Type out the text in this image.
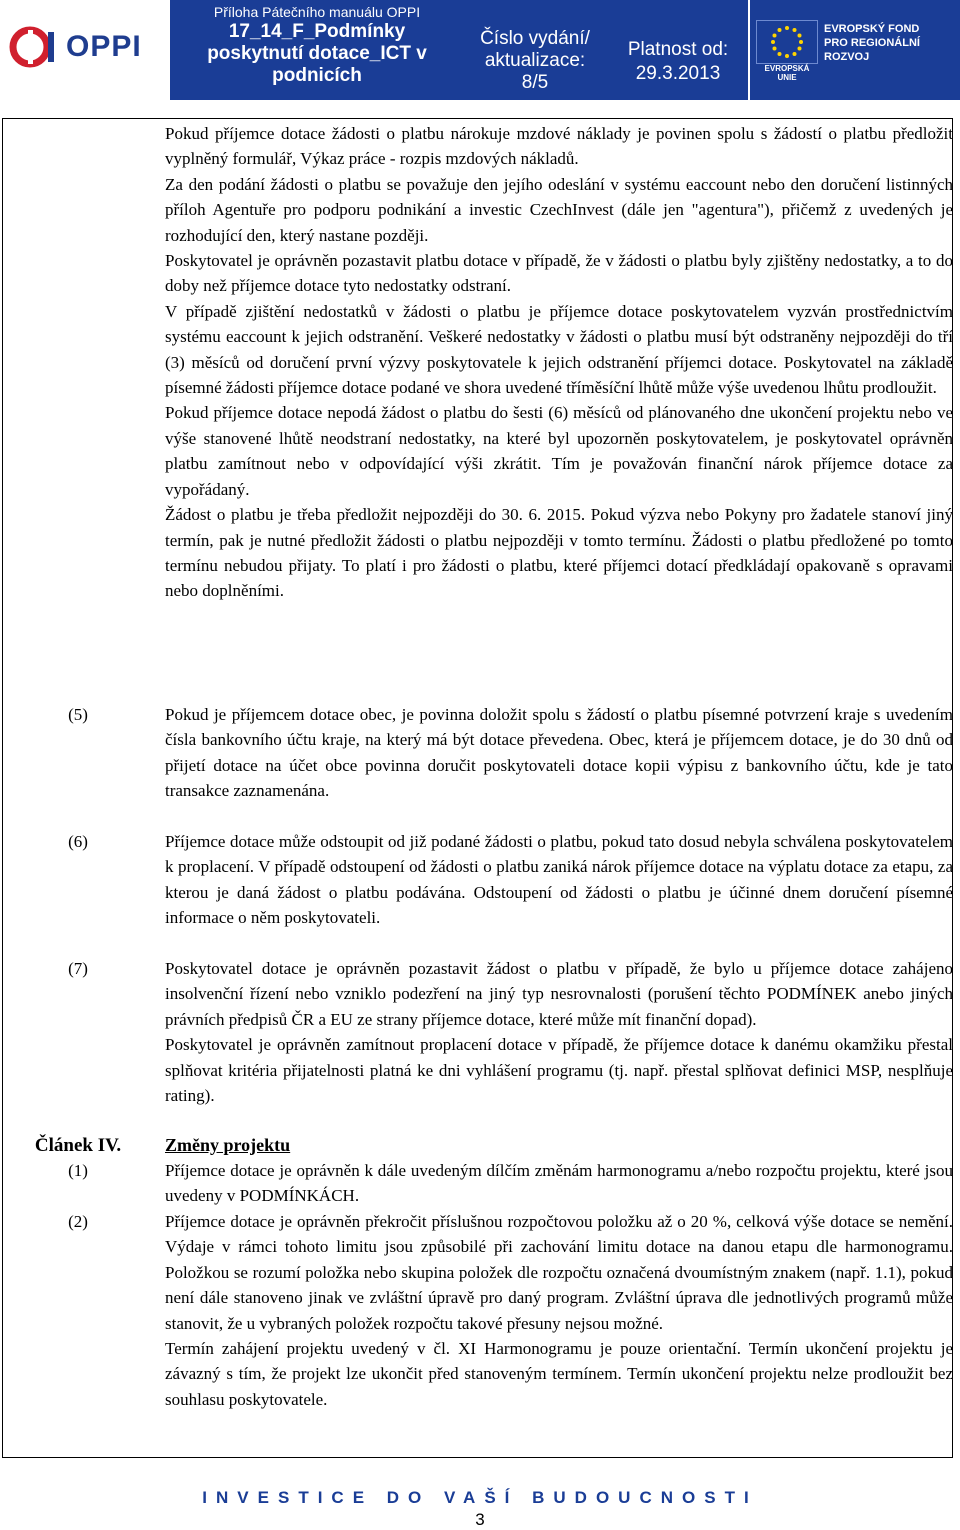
OPPI
Příloha Pátečního manuálu OPPI
17_14_F_Podmínky
poskytnutí dotace_ICT v
podnicích
Číslo vydání/
aktualizace:
8/5
Platnost od:
29.3.2013	EVROPSKÁ UNIE
EVROPSKÝ FOND
PRO REGIONÁLNÍ
ROZVOJ

Pokud příjemce dotace žádosti o platbu nárokuje mzdové náklady je povinen spolu s žádostí o platbu předložit vyplněný formulář, Výkaz práce - rozpis mzdových nákladů.

Za den podání žádosti o platbu se považuje den jejího odeslání v systému eaccount nebo den doručení listinných příloh Agentuře pro podporu podnikání a investic CzechInvest (dále jen "agentura"), přičemž z uvedených je rozhodující den, který nastane později.

Poskytovatel je oprávněn pozastavit platbu dotace v případě, že v žádosti o platbu byly zjištěny nedostatky, a to do doby než příjemce dotace tyto nedostatky odstraní.

V případě zjištění nedostatků v žádosti o platbu je příjemce dotace poskytovatelem vyzván prostřednictvím systému eaccount k jejich odstranění. Veškeré nedostatky v žádosti o platbu musí být odstraněny nejpozději do tří (3) měsíců od doručení první výzvy poskytovatele k jejich odstranění příjemci dotace. Poskytovatel na základě písemné žádosti příjemce dotace podané ve shora uvedené tříměsíční lhůtě může výše uvedenou lhůtu prodloužit.

Pokud příjemce dotace nepodá žádost o platbu do šesti (6) měsíců od plánovaného dne ukončení projektu nebo ve výše stanovené lhůtě neodstraní nedostatky, na které byl upozorněn poskytovatelem, je poskytovatel oprávněn platbu zamítnout nebo v odpovídající výši zkrátit. Tím je považován finanční nárok příjemce dotace za vypořádaný.

Žádost o platbu je třeba předložit nejpozději do 30. 6. 2015. Pokud výzva nebo Pokyny pro žadatele stanoví jiný termín, pak je nutné předložit žádosti o platbu nejpozději v tomto termínu. Žádosti o platbu předložené po tomto termínu nebudou přijaty. To platí i pro žádosti o platbu, které příjemci dotací předkládají opakovaně s opravami nebo doplněními.

(5)	Pokud je příjemcem dotace obec, je povinna doložit spolu s žádostí o platbu písemné potvrzení kraje s uvedením čísla bankovního účtu kraje, na který má být dotace převedena. Obec, která je příjemcem dotace, je do 30 dnů od přijetí dotace na účet obce povinna doručit poskytovateli dotace kopii výpisu z bankovního účtu, kde je tato transakce zaznamenána.

(6)	Příjemce dotace může odstoupit od již podané žádosti o platbu, pokud tato dosud nebyla schválena poskytovatelem k proplacení. V případě odstoupení od žádosti o platbu zaniká nárok příjemce dotace na výplatu dotace za etapu, za kterou je daná žádost o platbu podávána. Odstoupení od žádosti o platbu je účinné dnem doručení písemné informace o něm poskytovateli.

(7)	Poskytovatel dotace je oprávněn pozastavit žádost o platbu v případě, že bylo u příjemce dotace zahájeno insolvenční řízení nebo vzniklo podezření na jiný typ nesrovnalosti (porušení těchto PODMÍNEK anebo jiných právních předpisů ČR a EU ze strany příjemce dotace, které může mít finanční dopad).

Poskytovatel je oprávněn zamítnout proplacení dotace v případě, že příjemce dotace k danému okamžiku přestal splňovat kritéria přijatelnosti platná ke dni vyhlášení programu (tj. např. přestal splňovat definici MSP, nesplňuje rating).

Článek IV.	Změny projektu

(1)	Příjemce dotace je oprávněn k dále uvedeným dílčím změnám harmonogramu a/nebo rozpočtu projektu, které jsou uvedeny v PODMÍNKÁCH.

(2)	Příjemce dotace je oprávněn překročit příslušnou rozpočtovou položku až o 20 %, celková výše dotace se nemění. Výdaje v rámci tohoto limitu jsou způsobilé při zachování limitu dotace na danou etapu dle harmonogramu. Položkou se rozumí položka nebo skupina položek dle rozpočtu označená dvoumístným znakem (např. 1.1), pokud není dále stanoveno jinak ve zvláštní úpravě pro daný program. Zvláštní úprava dle jednotlivých programů může stanovit, že u vybraných položek rozpočtu takové přesuny nejsou možné.

Termín zahájení projektu uvedený v čl. XI Harmonogramu je pouze orientační. Termín ukončení projektu je závazný s tím, že projekt lze ukončit před stanoveným termínem. Termín ukončení projektu nelze prodloužit bez souhlasu poskytovatele.

INVESTICE DO VAŠÍ BUDOUCNOSTI
3
